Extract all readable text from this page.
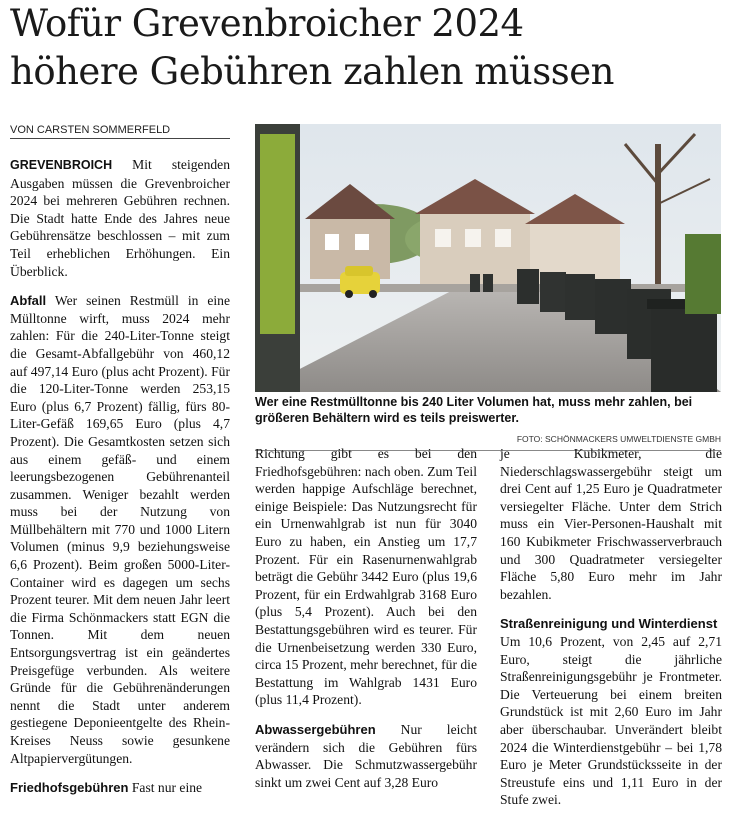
Wofür Grevenbroicher 2024
höhere Gebühren zahlen müssen
VON CARSTEN SOMMERFELD

GREVENBROICH Mit steigenden Ausgaben müssen die Grevenbroicher 2024 bei mehreren Gebühren rechnen. Die Stadt hatte Ende des Jahres neue Gebührensätze beschlossen – mit zum Teil erheblichen Erhöhungen. Ein Überblick.

Abfall Wer seinen Restmüll in eine Mülltonne wirft, muss 2024 mehr zahlen: Für die 240-Liter-Tonne steigt die Gesamt-Abfallgebühr von 460,12 auf 497,14 Euro (plus acht Prozent). Für die 120-Liter-Tonne werden 253,15 Euro (plus 6,7 Prozent) fällig, fürs 80-Liter-Gefäß 169,65 Euro (plus 4,7 Prozent). Die Gesamtkosten setzen sich aus einem gefäß- und einem leerungsbezogenen Gebührenanteil zusammen. Weniger bezahlt werden muss bei der Nutzung von Müllbehältern mit 770 und 1000 Litern Volumen (minus 9,9 beziehungsweise 6,6 Prozent). Beim großen 5000-Liter-Container wird es dagegen um sechs Prozent teurer. Mit dem neuen Jahr leert die Firma Schönmackers statt EGN die Tonnen. Mit dem neuen Entsorgungsvertrag ist ein geändertes Preisgefüge verbunden. Als weitere Gründe für die Gebührenänderungen nennt die Stadt unter anderem gestiegene Deponieentgelte des Rhein-Kreises Neuss sowie gesunkene Altpapiervergütungen.

Friedhofsgebühren Fast nur eine

Wer eine Restmülltonne bis 240 Liter Volumen hat, muss mehr zahlen, bei größeren Behältern wird es teils preiswerter.
FOTO: SCHÖNMACKERS UMWELTDIENSTE GMBH

Richtung gibt es bei den Friedhofsgebühren: nach oben. Zum Teil werden happige Aufschläge berechnet, einige Beispiele: Das Nutzungsrecht für ein Urnenwahlgrab ist nun für 3040 Euro zu haben, ein Anstieg um 17,7 Prozent. Für ein Rasenurnenwahlgrab beträgt die Gebühr 3442 Euro (plus 19,6 Prozent, für ein Erdwahlgrab 3168 Euro (plus 5,4 Prozent). Auch bei den Bestattungsgebühren wird es teurer. Für die Urnenbeisetzung werden 330 Euro, circa 15 Prozent, mehr berechnet, für die Bestattung im Wahlgrab 1431 Euro (plus 11,4 Prozent).

Abwassergebühren Nur leicht verändern sich die Gebühren fürs Abwasser. Die Schmutzwassergebühr sinkt um zwei Cent auf 3,28 Euro

je Kubikmeter, die Niederschlagswassergebühr steigt um drei Cent auf 1,25 Euro je Quadratmeter versiegelter Fläche. Unter dem Strich muss ein Vier-Personen-Haushalt mit 160 Kubikmeter Frischwasserverbrauch und 300 Quadratmeter versiegelter Fläche 5,80 Euro mehr im Jahr bezahlen.

Straßenreinigung und Winterdienst
Um 10,6 Prozent, von 2,45 auf 2,71 Euro, steigt die jährliche Straßenreinigungsgebühr je Frontmeter. Die Verteuerung bei einem breiten Grundstück ist mit 2,60 Euro im Jahr aber überschaubar. Unverändert bleibt 2024 die Winterdienstgebühr – bei 1,78 Euro je Meter Grundstücksseite in der Streustufe eins und 1,11 Euro in der Stufe zwei.
